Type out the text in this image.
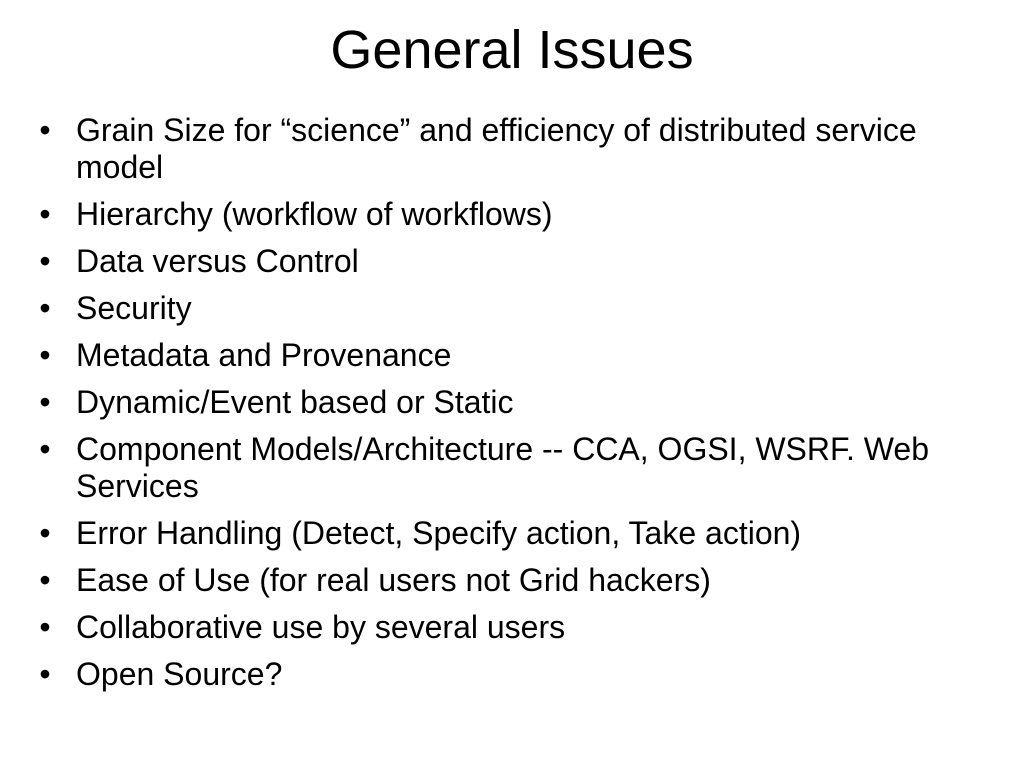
General Issues
• Grain Size for “science” and efficiency of distributed service model
• Hierarchy (workflow of workflows)
• Data versus Control
• Security
• Metadata and Provenance
• Dynamic/Event based or Static
• Component Models/Architecture -- CCA, OGSI, WSRF. Web Services
• Error Handling (Detect, Specify action, Take action)
• Ease of Use (for real users not Grid hackers)
• Collaborative use by several users
• Open Source?
